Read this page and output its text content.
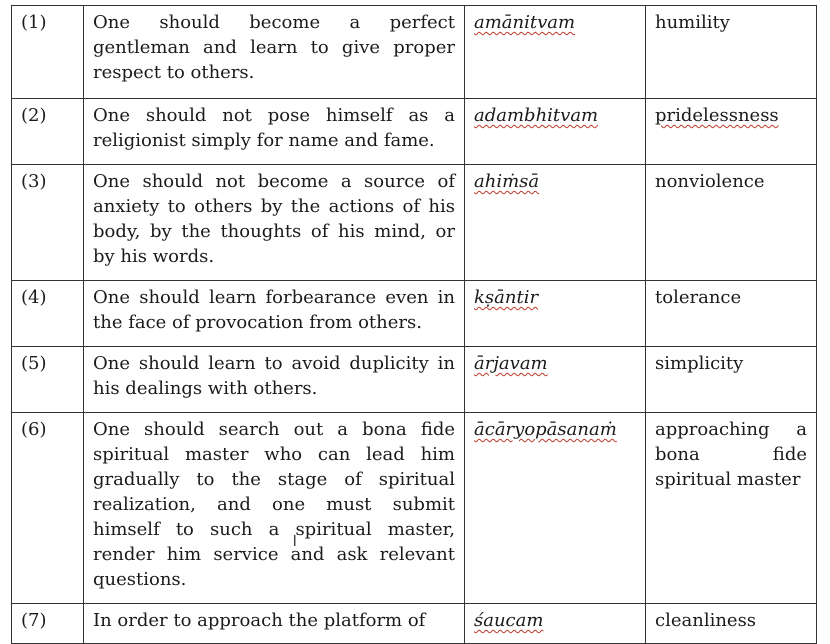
(1)	One should become a perfect gentleman and learn to give proper respect to others.	amānitvam	humility
(2)	One should not pose himself as a religionist simply for name and fame.	adambhitvam	pridelessness
(3)	One should not become a source of anxiety to others by the actions of his body, by the thoughts of his mind, or by his words.	ahiṁsā	nonviolence
(4)	One should learn forbearance even in the face of provocation from others.	kṣāntir	tolerance
(5)	One should learn to avoid duplicity in his dealings with others.	ārjavam	simplicity
(6)	One should search out a bona fide spiritual master who can lead him gradually to the stage of spiritual realization, and one must submit himself to such a spiritual master, render him service and ask relevant questions.	ācāryopāsanaṁ	approaching a bona fide spiritual master
(7)	In order to approach the platform of	śaucam	cleanliness
